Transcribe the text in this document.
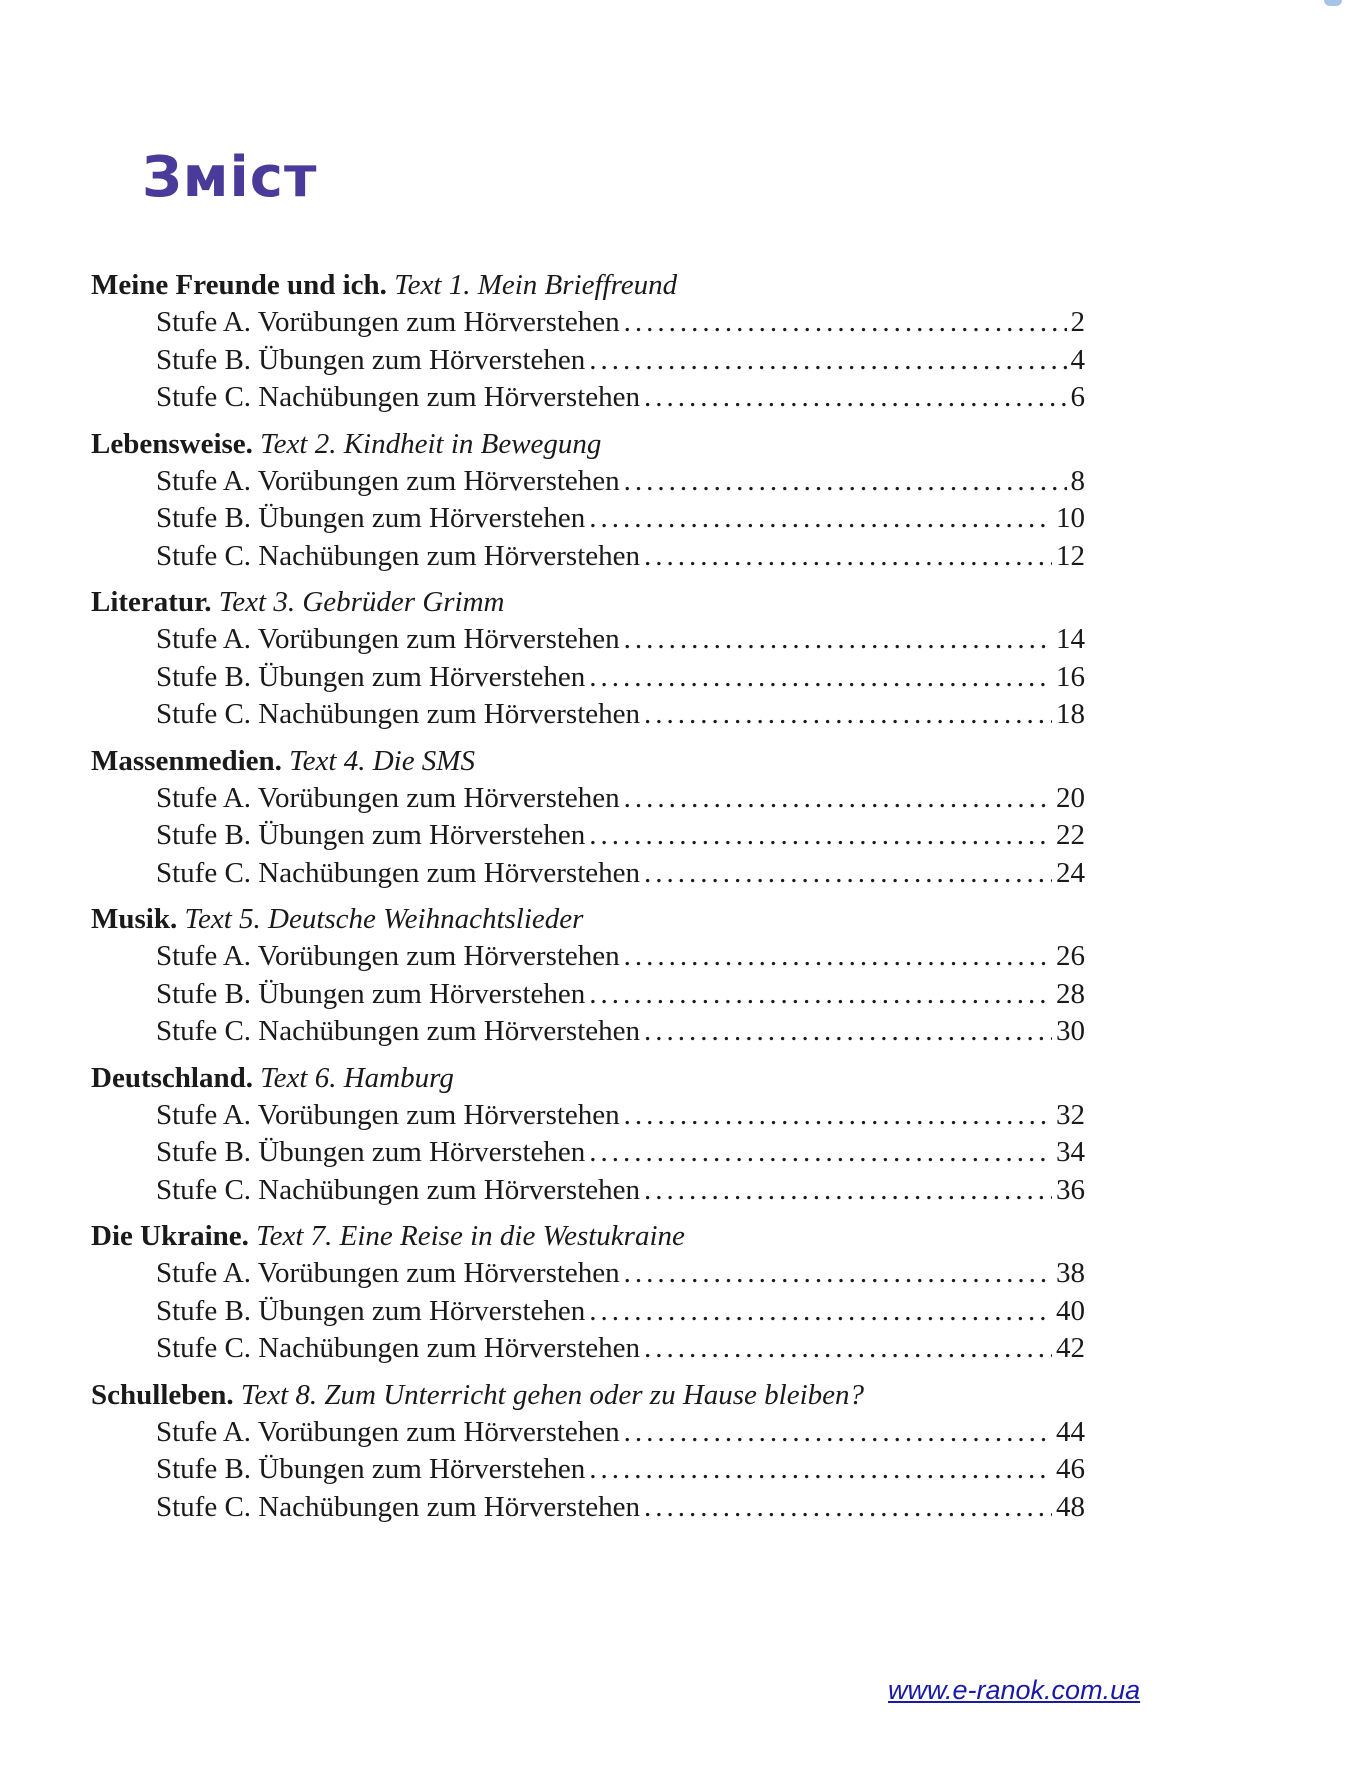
Зміст
Meine Freunde und ich. Text 1. Mein Brieffreund
Stufe A. Vorübungen zum Hörverstehen .....	2
Stufe B. Übungen zum Hörverstehen .....	4
Stufe C. Nachübungen zum Hörverstehen .....	6
Lebensweise. Text 2. Kindheit in Bewegung
Stufe A. Vorübungen zum Hörverstehen .....	8
Stufe B. Übungen zum Hörverstehen .....	10
Stufe C. Nachübungen zum Hörverstehen .....	12
Literatur. Text 3. Gebrüder Grimm
Stufe A. Vorübungen zum Hörverstehen .....	14
Stufe B. Übungen zum Hörverstehen .....	16
Stufe C. Nachübungen zum Hörverstehen .....	18
Massenmedien. Text 4. Die SMS
Stufe A. Vorübungen zum Hörverstehen .....	20
Stufe B. Übungen zum Hörverstehen .....	22
Stufe C. Nachübungen zum Hörverstehen .....	24
Musik. Text 5. Deutsche Weihnachtslieder
Stufe A. Vorübungen zum Hörverstehen .....	26
Stufe B. Übungen zum Hörverstehen .....	28
Stufe C. Nachübungen zum Hörverstehen .....	30
Deutschland. Text 6. Hamburg
Stufe A. Vorübungen zum Hörverstehen .....	32
Stufe B. Übungen zum Hörverstehen .....	34
Stufe C. Nachübungen zum Hörverstehen .....	36
Die Ukraine. Text 7. Eine Reise in die Westukraine
Stufe A. Vorübungen zum Hörverstehen .....	38
Stufe B. Übungen zum Hörverstehen .....	40
Stufe C. Nachübungen zum Hörverstehen .....	42
Schulleben. Text 8. Zum Unterricht gehen oder zu Hause bleiben?
Stufe A. Vorübungen zum Hörverstehen .....	44
Stufe B. Übungen zum Hörverstehen .....	46
Stufe C. Nachübungen zum Hörverstehen .....	48
www.e-ranok.com.ua
